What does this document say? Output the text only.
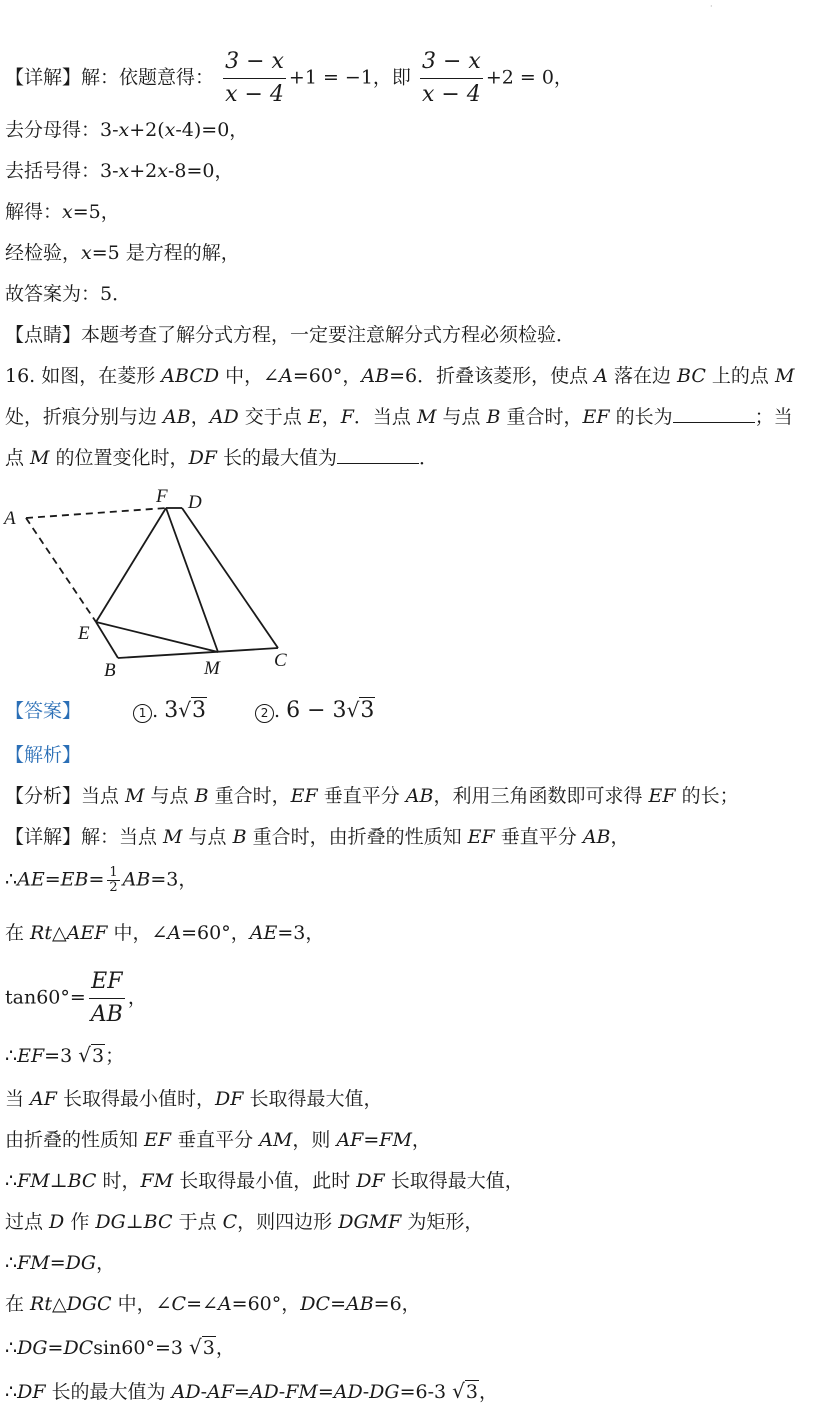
·
【详解】解：依题意得： $\frac{3 - x}{x - 4} +1 = -1$，即 $\frac{3 - x}{x - 4} +2 = 0$，
去分母得：3-x+2(x-4)=0，
去括号得：3-x+2x-8=0，
解得：x=5，
经检验，x=5 是方程的解，
故答案为：5．
【点睛】本题考查了解分式方程，一定要注意解分式方程必须检验．
16. 如图，在菱形 ABCD 中，∠A=60°，AB=6．折叠该菱形，使点 A 落在边 BC 上的点 M
处，折痕分别与边 AB，AD 交于点 E，F．当点 M 与点 B 重合时，EF 的长为	；当
点 M 的位置变化时，DF 长的最大值为	．
A
F D
E
B	M	C
【答案】	1 . 3√3	2 . 6 − 3√3
【解析】
【分析】当点 M 与点 B 重合时，EF 垂直平分 AB，利用三角函数即可求得 EF 的长；
【详解】解：当点 M 与点 B 重合时，由折叠的性质知 EF 垂直平分 AB，
∴AE=EB= $\frac{1}{2} AB=3$，
在 Rt△AEF 中，∠A=60°，AE=3，
$\tan 60^\circ= \frac{EF}{AB}$ ，
∴EF=3 √3；
当 AF 长取得最小值时，DF 长取得最大值，
由折叠的性质知 EF 垂直平分 AM，则 AF=FM，
∴FM⊥BC 时，FM 长取得最小值，此时 DF 长取得最大值，
过点 D 作 DG⊥BC 于点 C，则四边形 DGMF 为矩形，
∴FM=DG，
在 Rt△DGC 中，∠C=∠A=60°，DC=AB=6，
∴DG=DCsin60°=3 √3，
∴DF 长的最大值为 AD-AF=AD-FM=AD-DG=6-3 √3，
